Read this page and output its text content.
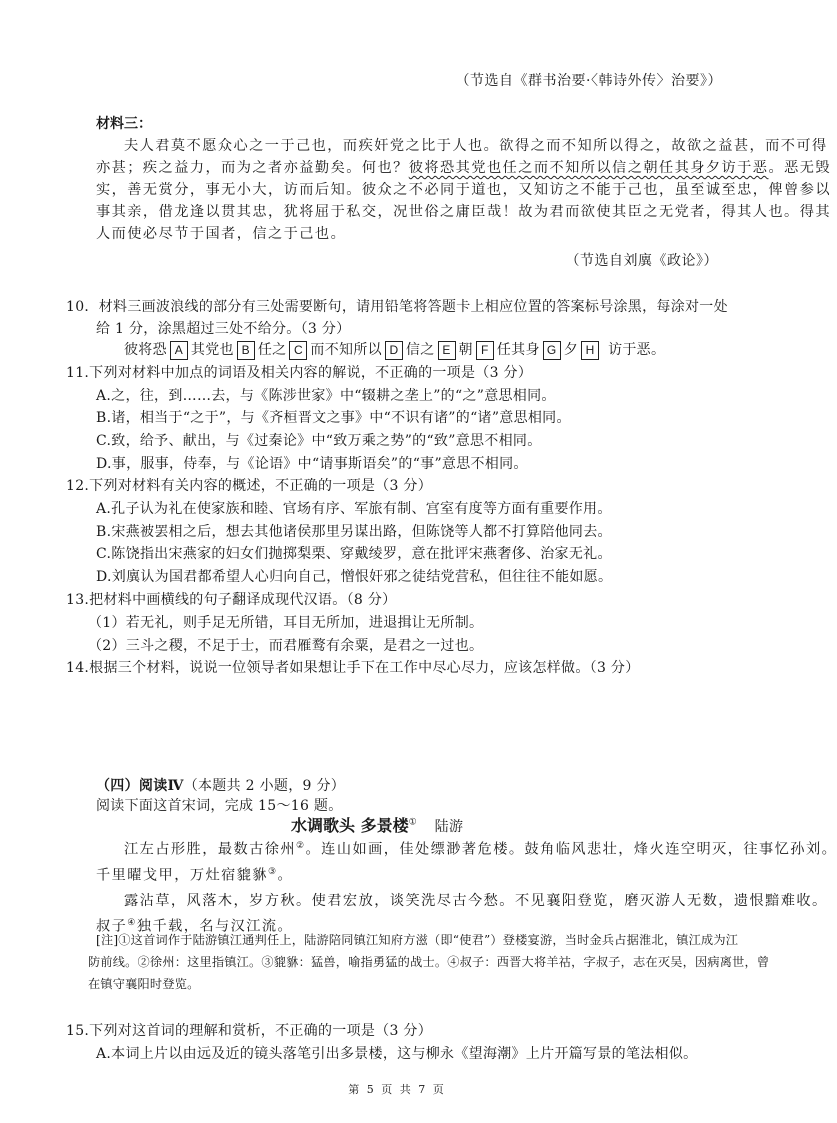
（节选自《群书治要·〈韩诗外传〉治要》）
材料三：
夫人君莫不愿众心之一于己也，而疾奸党之比于人也。欲得之而不知所以得之，故欲之益甚，而不可得
亦甚；疾之益力，而为之者亦益勤矣。何也？彼将恐其党也任之而不知所以信之朝任其身夕访于恶。恶无毁
实，善无赏分，事无小大，访而后知。彼众之不必同于道也，又知访之不能于己也，虽至诚至忠，俾曾参以
事其亲，借龙逢以贯其忠，犹将屈于私交，况世俗之庸臣哉！故为君而欲使其臣之无党者，得其人也。得其
人而使必尽节于国者，信之于己也。
（节选自刘廙《政论》）
10．材料三画波浪线的部分有三处需要断句，请用铅笔将答题卡上相应位置的答案标号涂黑，每涂对一处
给 1 分，涂黑超过三处不给分。（3 分）
彼将恐 A 其党也 B 任之 C 而不知所以 D 信之 E 朝 F 任其身 G 夕 H 访于恶。
11.下列对材料中加点的词语及相关内容的解说，不正确的一项是（3 分）
A.之，往，到……去，与《陈涉世家》中“辍耕之垄上”的“之”意思相同。
B.诸，相当于“之于”，与《齐桓晋文之事》中“不识有诸”的“诸”意思相同。
C.致，给予、献出，与《过秦论》中“致万乘之势”的“致”意思不相同。
D.事，服事，侍奉，与《论语》中“请事斯语矣”的“事”意思不相同。
12.下列对材料有关内容的概述，不正确的一项是（3 分）
A.孔子认为礼在使家族和睦、官场有序、军旅有制、宫室有度等方面有重要作用。
B.宋燕被罢相之后，想去其他诸侯那里另谋出路，但陈饶等人都不打算陪他同去。
C.陈饶指出宋燕家的妇女们抛掷梨栗、穿戴绫罗，意在批评宋燕奢侈、治家无礼。
D.刘廙认为国君都希望人心归向自己，憎恨奸邪之徒结党营私，但往往不能如愿。
13.把材料中画横线的句子翻译成现代汉语。（8 分）
（1）若无礼，则手足无所错，耳目无所加，进退揖让无所制。
（2）三斗之稷，不足于士，而君雁鹜有余粟，是君之一过也。
14.根据三个材料，说说一位领导者如果想让手下在工作中尽心尽力，应该怎样做。（3 分）
（四）阅读Ⅳ（本题共 2 小题，9 分）
阅读下面这首宋词，完成 15～16 题。
水调歌头 多景楼① 陆游
江左占形胜，最数古徐州②。连山如画，佳处缥渺著危楼。鼓角临风悲壮，烽火连空明灭，往事忆孙刘。
千里曜戈甲，万灶宿貔貅③。
露沾草，风落木，岁方秋。使君宏放，谈笑洗尽古今愁。不见襄阳登览，磨灭游人无数，遗恨黯难收。
叔子④独千载，名与汉江流。
[注]①这首词作于陆游镇江通判任上，陆游陪同镇江知府方滋（即“使君”）登楼宴游，当时金兵占据淮北，镇江成为江
防前线。②徐州：这里指镇江。③貔貅：猛兽，喻指勇猛的战士。④叔子：西晋大将羊祜，字叔子，志在灭吴，因病离世，曾
在镇守襄阳时登览。
15.下列对这首词的理解和赏析，不正确的一项是（3 分）
A.本词上片以由远及近的镜头落笔引出多景楼，这与柳永《望海潮》上片开篇写景的笔法相似。
第 5 页 共 7 页
